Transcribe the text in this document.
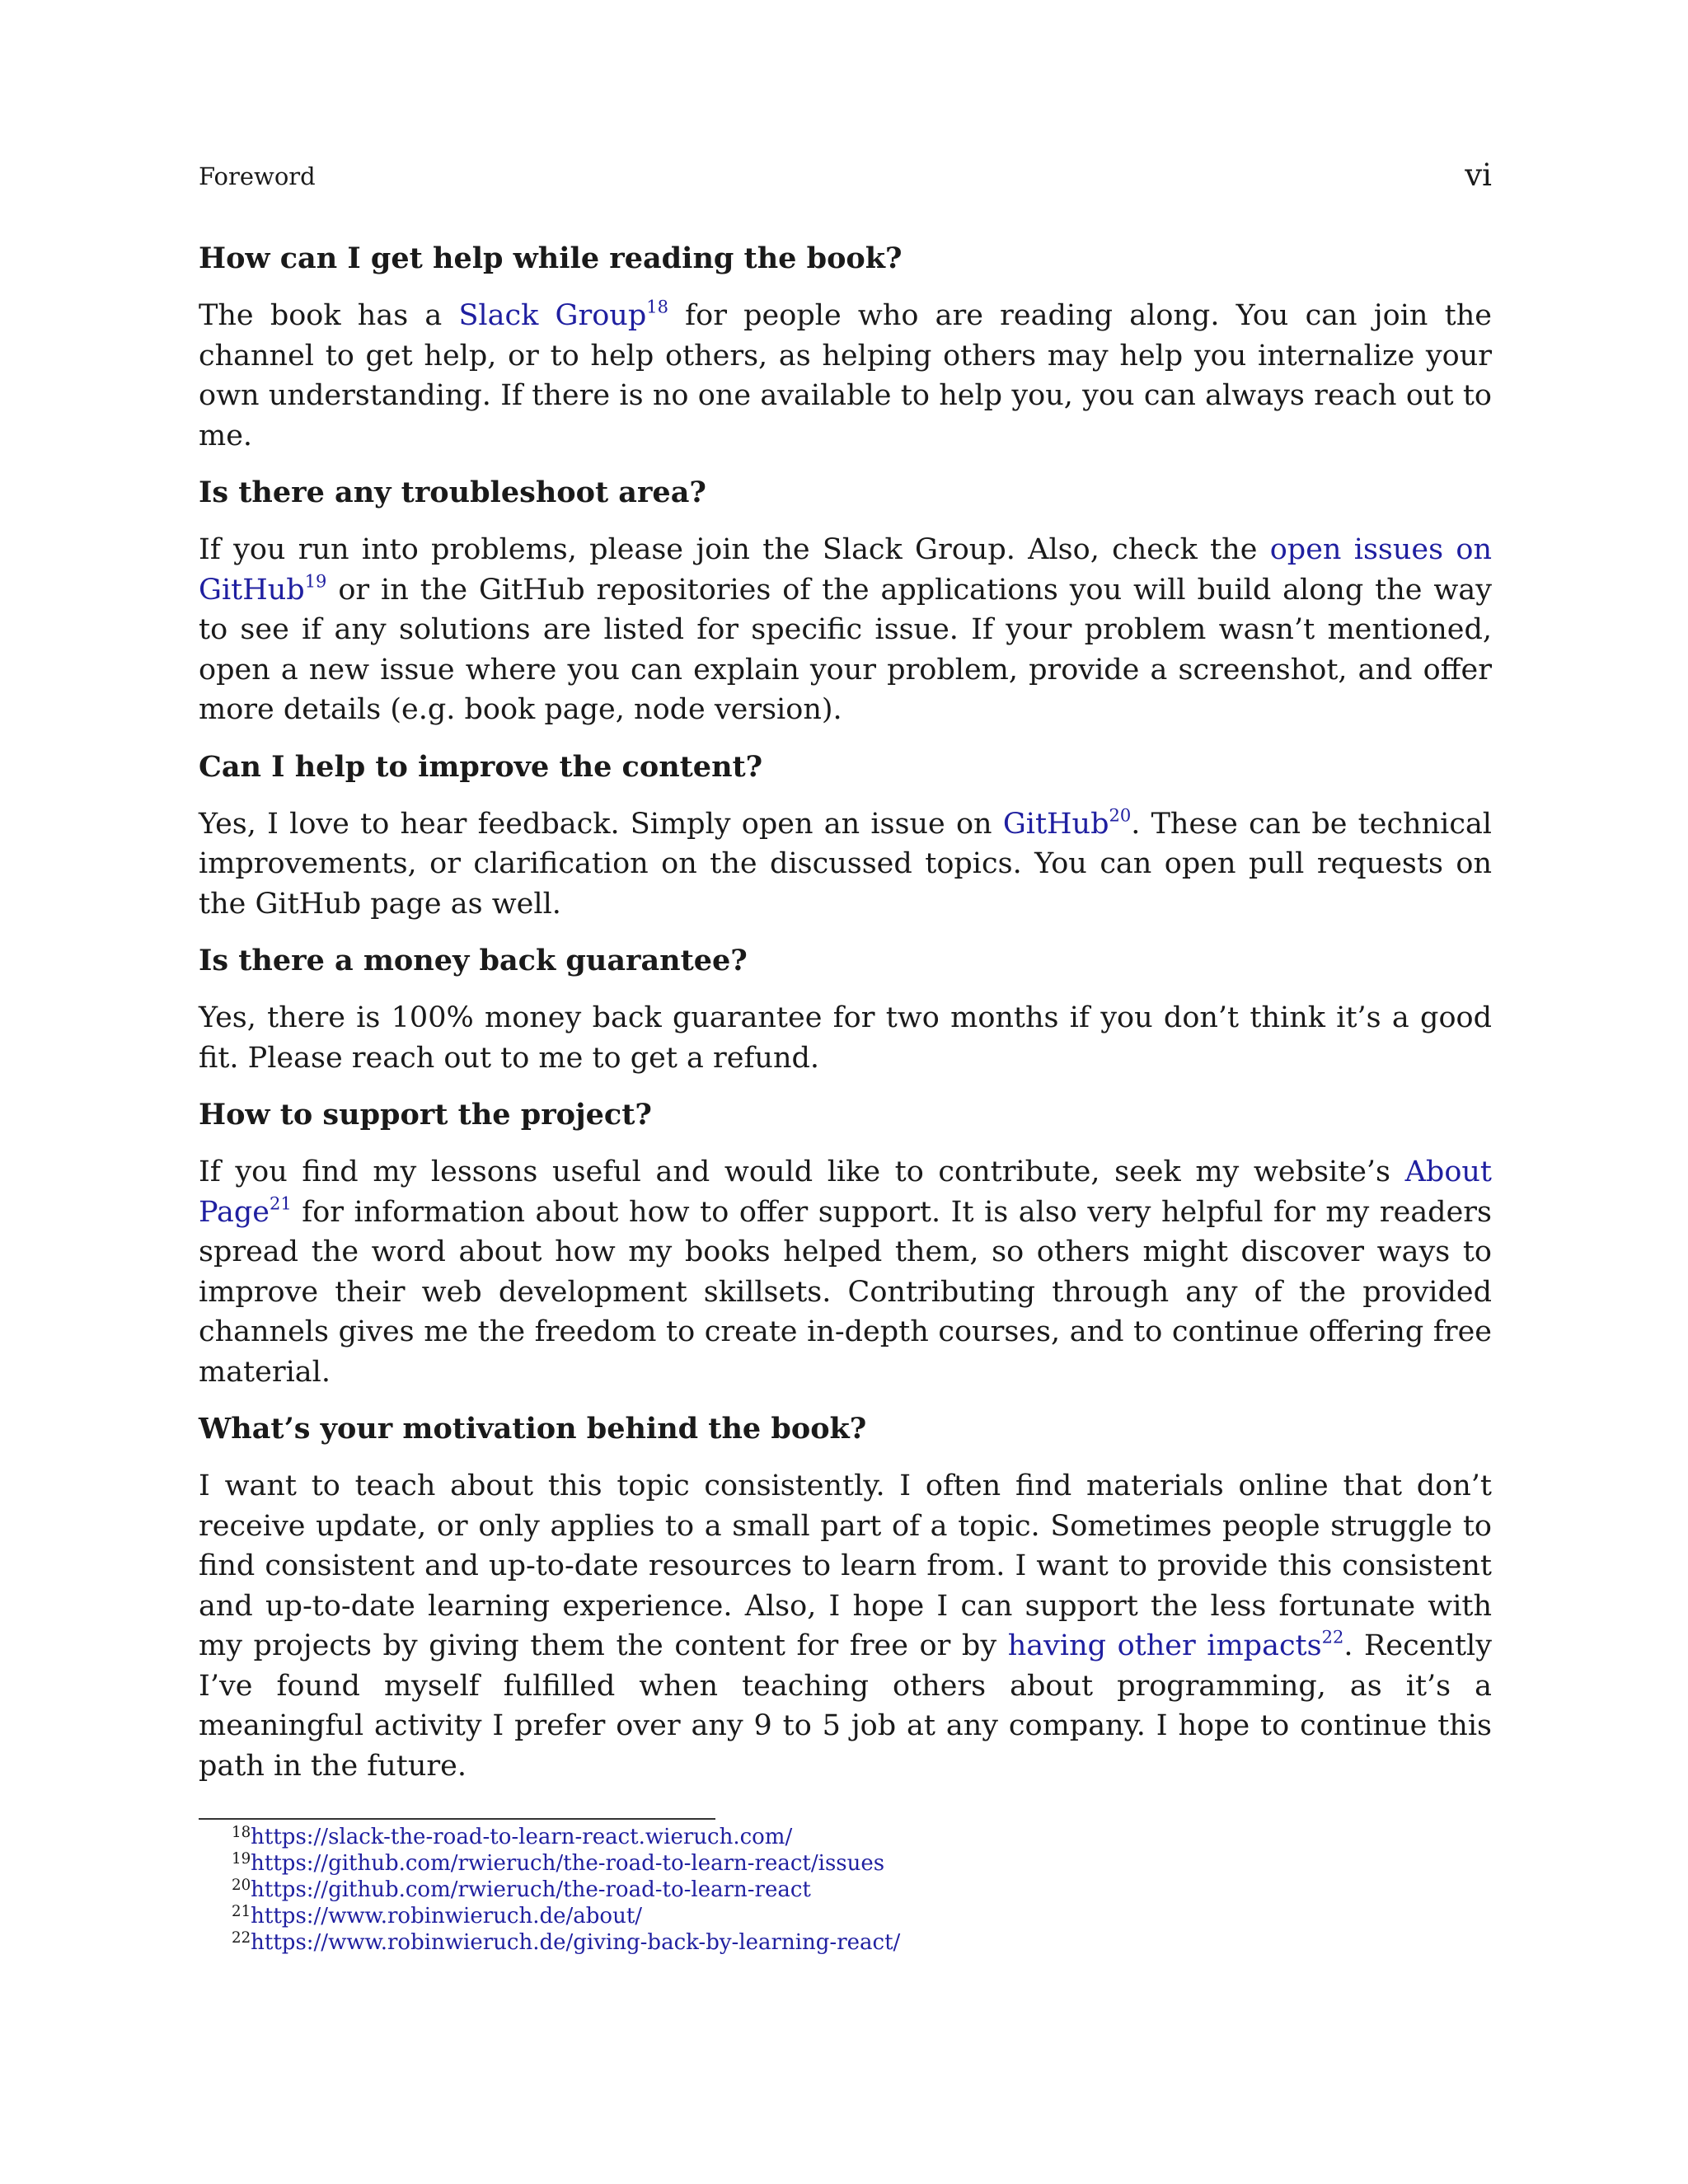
Foreword	vi
How can I get help while reading the book?

The book has a Slack Group$^{18}$ for people who are reading along. You can join the channel to get help, or to help others, as helping others may help you internalize your own understanding. If there is no one available to help you, you can always reach out to me.

Is there any troubleshoot area?

If you run into problems, please join the Slack Group. Also, check the open issues on GitHub$^{19}$ or in the GitHub repositories of the applications you will build along the way to see if any solutions are listed for specific issue. If your problem wasn’t mentioned, open a new issue where you can explain your problem, provide a screenshot, and offer more details (e.g. book page, node version).

Can I help to improve the content?

Yes, I love to hear feedback. Simply open an issue on GitHub$^{20}$. These can be technical improvements, or clarification on the discussed topics. You can open pull requests on the GitHub page as well.

Is there a money back guarantee?

Yes, there is 100% money back guarantee for two months if you don’t think it’s a good fit. Please reach out to me to get a refund.

How to support the project?

If you find my lessons useful and would like to contribute, seek my website’s About Page$^{21}$ for information about how to offer support. It is also very helpful for my readers spread the word about how my books helped them, so others might discover ways to improve their web development skillsets. Contributing through any of the provided channels gives me the freedom to create in-depth courses, and to continue offering free material.

What’s your motivation behind the book?

I want to teach about this topic consistently. I often find materials online that don’t receive update, or only applies to a small part of a topic. Sometimes people struggle to find consistent and up-to-date resources to learn from. I want to provide this consistent and up-to-date learning experience. Also, I hope I can support the less fortunate with my projects by giving them the content for free or by having other impacts$^{22}$. Recently I’ve found myself fulfilled when teaching others about programming, as it’s a meaningful activity I prefer over any 9 to 5 job at any company. I hope to continue this path in the future.

$^{18}$https://slack-the-road-to-learn-react.wieruch.com/
$^{19}$https://github.com/rwieruch/the-road-to-learn-react/issues
$^{20}$https://github.com/rwieruch/the-road-to-learn-react
$^{21}$https://www.robinwieruch.de/about/
$^{22}$https://www.robinwieruch.de/giving-back-by-learning-react/
